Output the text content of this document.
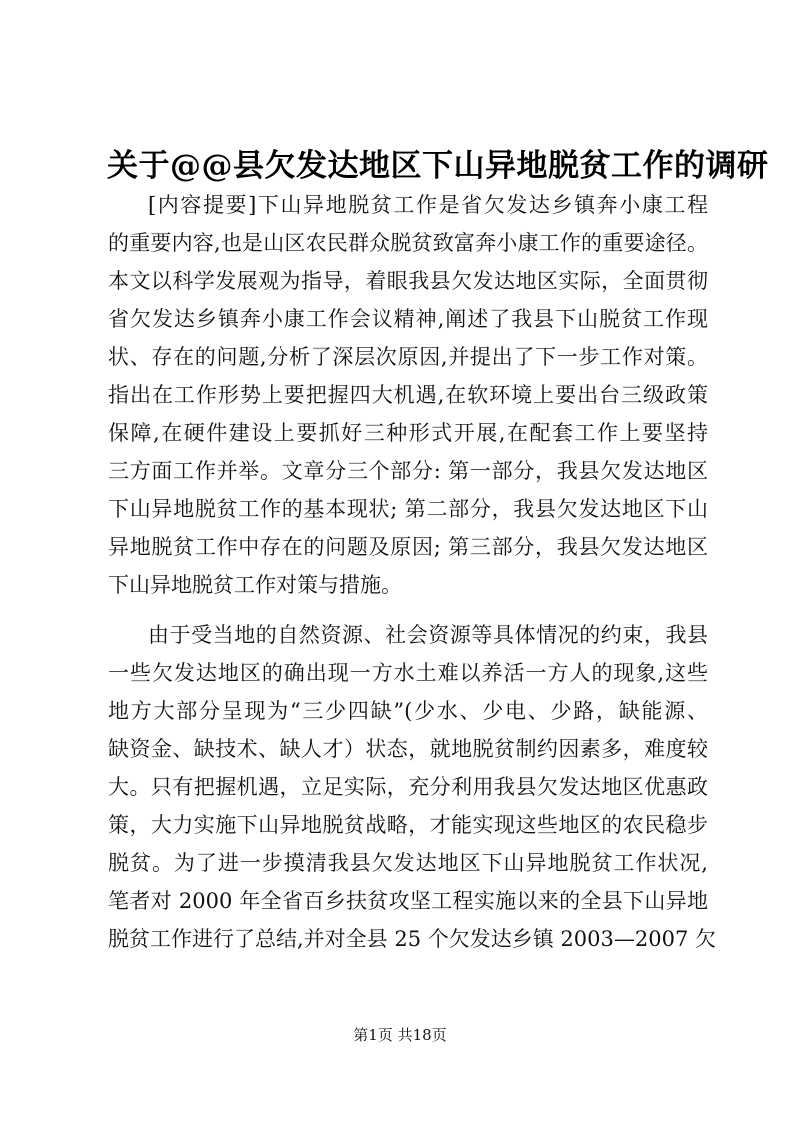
关于@@县欠发达地区下山异地脱贫工作的调研
[内容提要]下山异地脱贫工作是省欠发达乡镇奔小康工程
的重要内容,也是山区农民群众脱贫致富奔小康工作的重要途径。
本文以科学发展观为指导，着眼我县欠发达地区实际，全面贯彻
省欠发达乡镇奔小康工作会议精神,阐述了我县下山脱贫工作现
状、存在的问题,分析了深层次原因,并提出了下一步工作对策。
指出在工作形势上要把握四大机遇,在软环境上要出台三级政策
保障,在硬件建设上要抓好三种形式开展,在配套工作上要坚持
三方面工作并举。文章分三个部分: 第一部分，我县欠发达地区
下山异地脱贫工作的基本现状; 第二部分，我县欠发达地区下山
异地脱贫工作中存在的问题及原因; 第三部分，我县欠发达地区
下山异地脱贫工作对策与措施。
由于受当地的自然资源、社会资源等具体情况的约束，我县
一些欠发达地区的确出现一方水土难以养活一方人的现象,这些
地方大部分呈现为“三少四缺”(少水、少电、少路，缺能源、
缺资金、缺技术、缺人才）状态，就地脱贫制约因素多，难度较
大。只有把握机遇，立足实际，充分利用我县欠发达地区优惠政
策，大力实施下山异地脱贫战略，才能实现这些地区的农民稳步
脱贫。为了进一步摸清我县欠发达地区下山异地脱贫工作状况,
笔者对 2000 年全省百乡扶贫攻坚工程实施以来的全县下山异地
脱贫工作进行了总结,并对全县 25 个欠发达乡镇 2003—2007 欠
第1页 共18页
